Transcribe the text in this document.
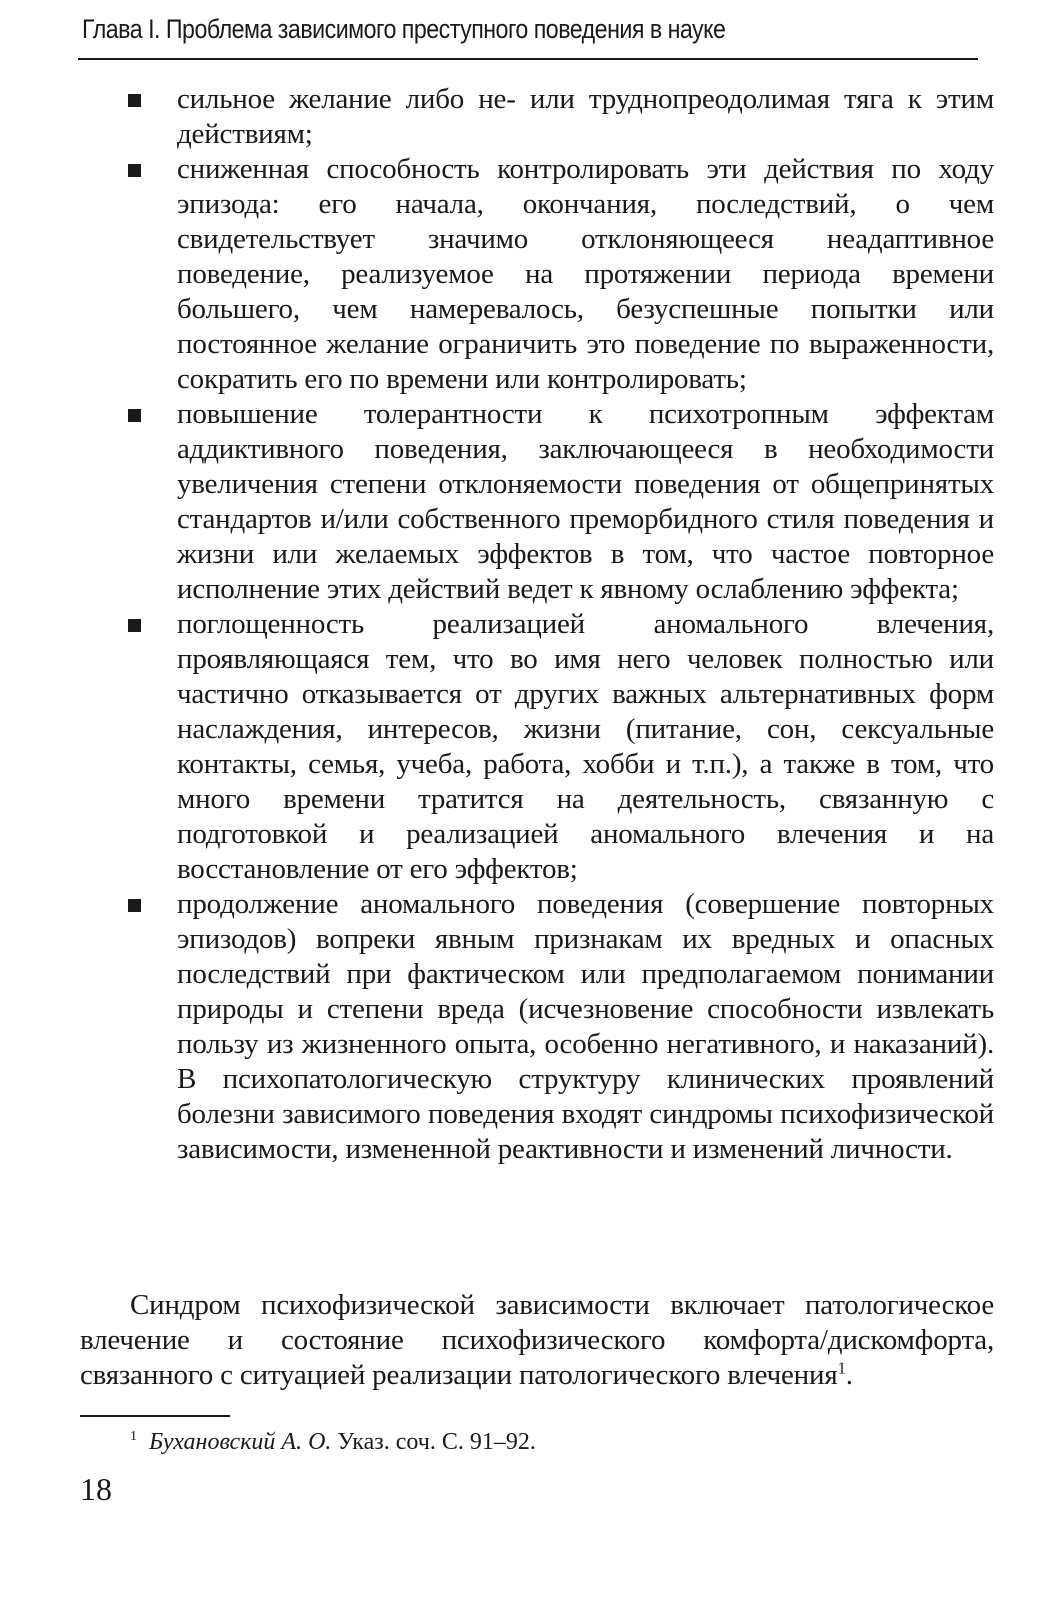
Глава I. Проблема зависимого преступного поведения в науке
сильное желание либо не- или труднопреодолимая тяга к этим действиям;
сниженная способность контролировать эти действия по ходу эпизода: его начала, окончания, последствий, о чем свидетельствует значимо отклоняющееся неадаптивное поведение, реализуемое на протяжении периода времени большего, чем намеревалось, безуспешные попытки или постоянное желание ограничить это поведение по выраженности, сократить его по времени или контролировать;
повышение толерантности к психотропным эффектам аддиктивного поведения, заключающееся в необходимости увеличения степени отклоняемости поведения от общепринятых стандартов и/или собственного преморбидного стиля поведения и жизни или желаемых эффектов в том, что частое повторное исполнение этих действий ведет к явному ослаблению эффекта;
поглощенность реализацией аномального влечения, проявляющаяся тем, что во имя него человек полностью или частично отказывается от других важных альтернативных форм наслаждения, интересов, жизни (питание, сон, сексуальные контакты, семья, учеба, работа, хобби и т.п.), а также в том, что много времени тратится на деятельность, связанную с подготовкой и реализацией аномального влечения и на восстановление от его эффектов;
продолжение аномального поведения (совершение повторных эпизодов) вопреки явным признакам их вредных и опасных последствий при фактическом или предполагаемом понимании природы и степени вреда (исчезновение способности извлекать пользу из жизненного опыта, особенно негативного, и наказаний). В психопатологическую структуру клинических проявлений болезни зависимого поведения входят синдромы психофизической зависимости, измененной реактивности и изменений личности.

Синдром психофизической зависимости включает патологическое влечение и состояние психофизического комфорта/дискомфорта, связанного с ситуацией реализации патологического влечения$^1$.

$^1$ Бухановский А. О. Указ. соч. С. 91–92.
18
